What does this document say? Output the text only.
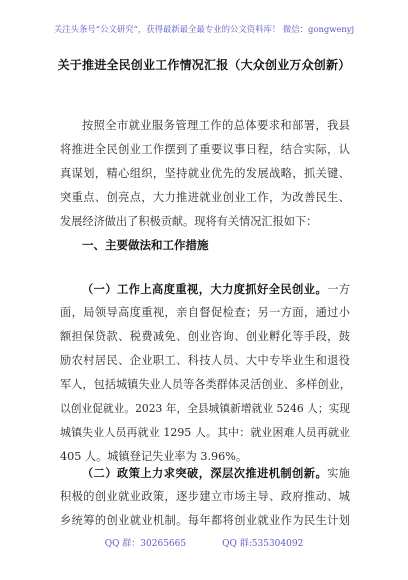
关注头条号“公文研究”，获得最新最全最专业的公文资料库！ 微信：gongwenyj
关于推进全民创业工作情况汇报（大众创业万众创新）
按照全市就业服务管理工作的总体要求和部署，我县
将推进全民创业工作摆到了重要议事日程，结合实际，认
真谋划，精心组织，坚持就业优先的发展战略，抓关键、
突重点、创亮点，大力推进就业创业工作，为改善民生、
发展经济做出了积极贡献。现将有关情况汇报如下：
一、主要做法和工作措施
（一）工作上高度重视，大力度抓好全民创业。一方
面，局领导高度重视，亲自督促检查；另一方面，通过小
额担保贷款、税费减免、创业咨询、创业孵化等手段，鼓
励农村居民、企业职工、科技人员、大中专毕业生和退役
军人，包括城镇失业人员等各类群体灵活创业、多样创业，
以创业促就业。2023 年，全县城镇新增就业 5246 人；实现
城镇失业人员再就业 1295 人。其中：就业困难人员再就业
405 人。城镇登记失业率为 3.96%。
（二）政策上力求突破，深层次推进机制创新。实施
积极的创业就业政策，逐步建立市场主导、政府推动、城
乡统筹的创业就业机制。每年都将创业就业作为民生计划
QQ 群：30265665	QQ 群:535304092
